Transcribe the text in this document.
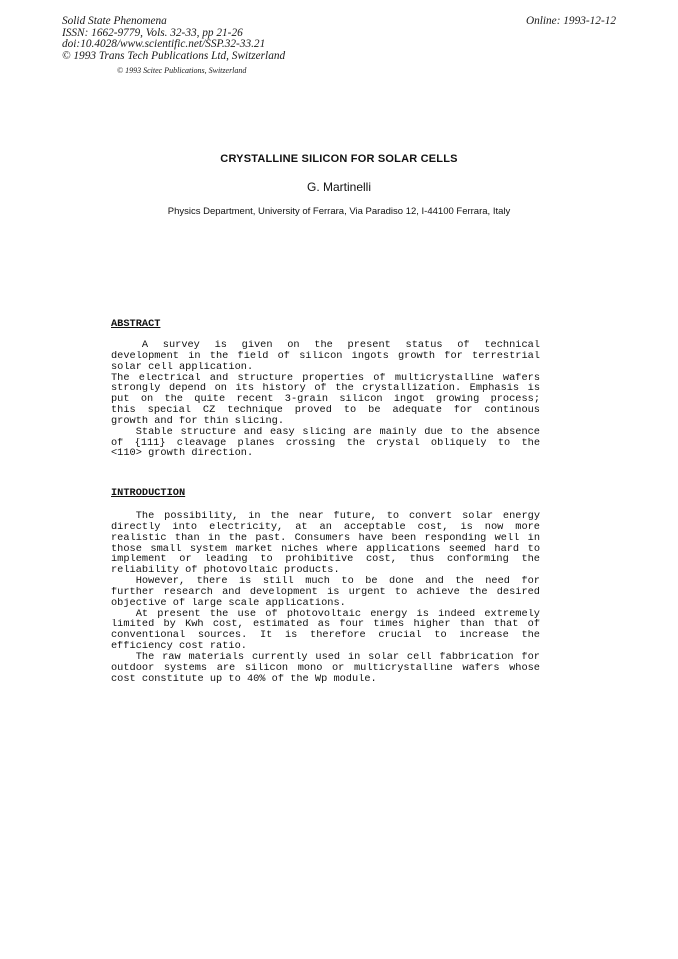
Solid State Phenomena
ISSN: 1662-9779, Vols. 32-33, pp 21-26
doi:10.4028/www.scientific.net/SSP.32-33.21
© 1993 Trans Tech Publications Ltd, Switzerland
Online: 1993-12-12
© 1993 Scitec Publications, Switzerland
CRYSTALLINE SILICON FOR SOLAR CELLS
G. Martinelli
Physics Department, University of Ferrara, Via Paradiso 12, I-44100 Ferrara, Italy
ABSTRACT
A survey is given on the present status of technical
development in the field of silicon ingots growth for terrestrial
solar cell application.
The electrical and structure properties of multicrystalline wafers
strongly depend on its history of the crystallization. Emphasis is
put on the quite recent 3-grain silicon ingot growing process;
this special CZ technique proved to be adequate for continous
growth and for thin slicing.
Stable structure and easy slicing are mainly due to the absence
of {111} cleavage planes crossing the crystal obliquely to the
<110> growth direction.
INTRODUCTION
The possibility, in the near future, to convert solar energy
directly into electricity, at an acceptable cost, is now more
realistic than in the past. Consumers have been responding well in
those small system market niches where applications seemed hard to
implement or leading to prohibitive cost, thus conforming the
reliability of photovoltaic products.
However, there is still much to be done and the need for
further research and development is urgent to achieve the desired
objective of large scale applications.
At present the use of photovoltaic energy is indeed extremely
limited by Kwh cost, estimated as four times higher than that of
conventional sources. It is therefore crucial to increase the
efficiency cost ratio.
The raw materials currently used in solar cell fabbrication for
outdoor systems are silicon mono or multicrystalline wafers whose
cost constitute up to 40% of the Wp module.
